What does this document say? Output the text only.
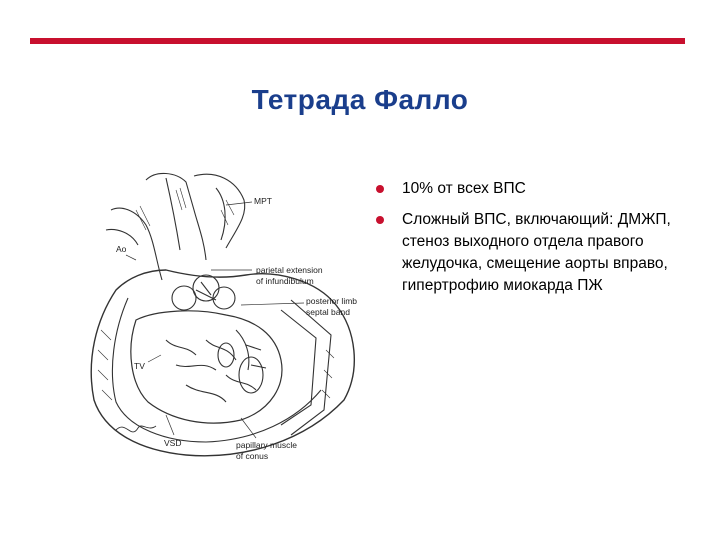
Тетрада Фалло
MPT
Ao
parietal extension
of infundibulum
posterior limb
septal band
TV
VSD	papillary muscle
of conus
10% от всех ВПС
Сложный ВПС, включающий: ДМЖП, стеноз выходного отдела правого желудочка, смещение аорты вправо, гипертрофию миокарда ПЖ
